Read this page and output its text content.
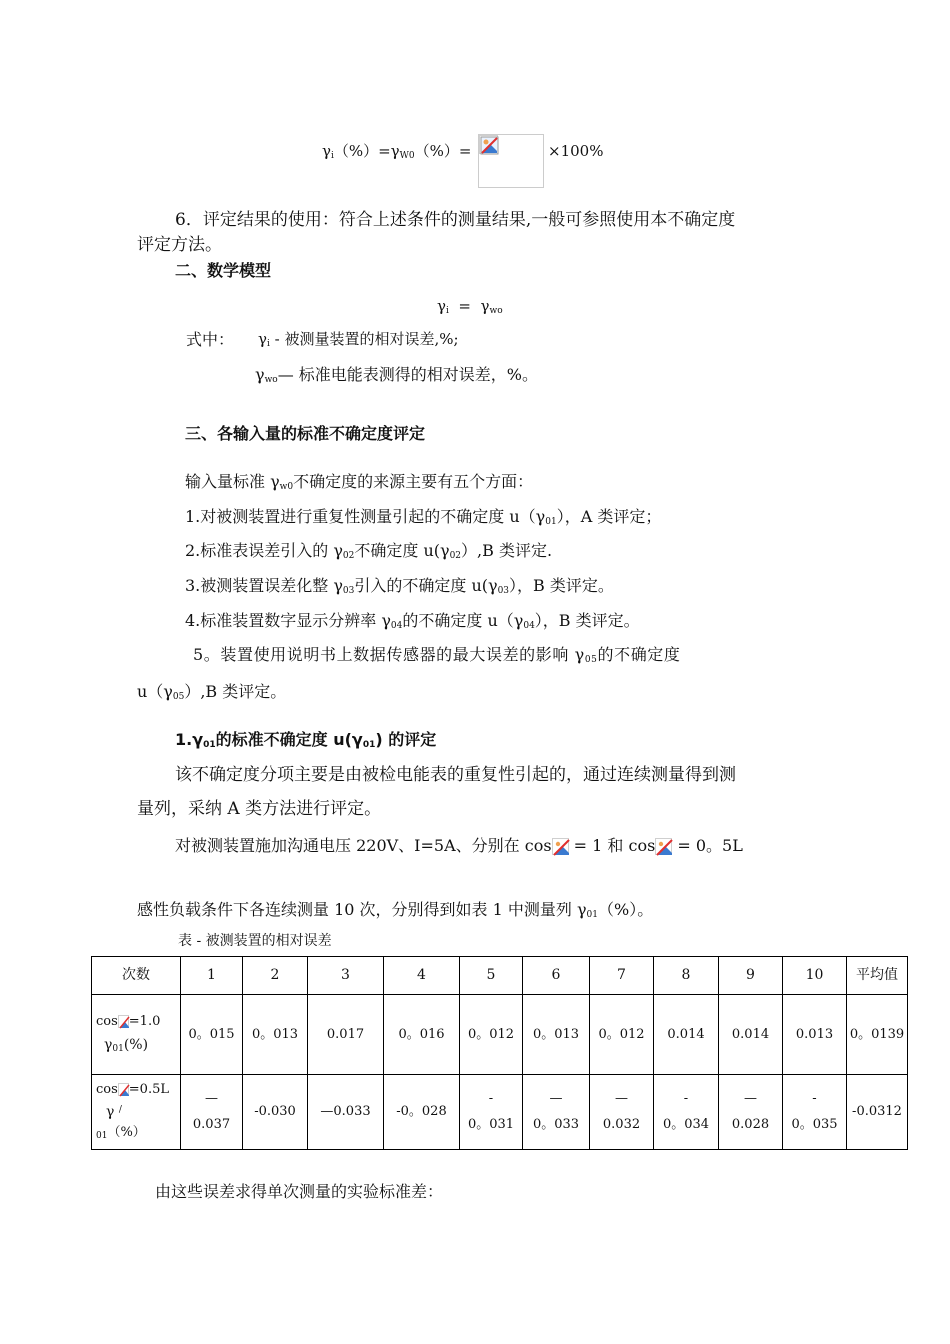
$\gamma_i(\%)=\gamma_{W0}(\%)=$	×100%
6．评定结果的使用：符合上述条件的测量结果,一般可参照使用本不确定度
评定方法。
二、数学模型
$\gamma_i = \gamma_{wo}$
式中： $\gamma_i$ - 被测量装置的相对误差,%;
$\gamma_{wo}—$ 标准电能表测得的相对误差，%。
三、各输入量的标准不确定度评定
输入量标准 $\gamma_{w0}$不确定度的来源主要有五个方面：
1.对被测装置进行重复性测量引起的不确定度 $u(\gamma_{01})$，A 类评定；
2.标准表误差引入的 $\gamma_{02}$不确定度 $u(\gamma_{02}),B$ 类评定.
3.被测装置误差化整 $\gamma_{03}$引入的不确定度 $u(\gamma_{03})$，B 类评定。
4.标准装置数字显示分辨率 $\gamma_{04}$的不确定度 $u(\gamma_{04})$，B 类评定。
5。装置使用说明书上数据传感器的最大误差的影响 $\gamma_{05}$的不确定度
$u(\gamma_{05}),B$ 类评定。
$1.\gamma_{01}$的标准不确定度 $u(\gamma_{01})$ 的评定
该不确定度分项主要是由被检电能表的重复性引起的，通过连续测量得到测
量列，采纳 A 类方法进行评定。
对被测装置施加沟通电压 220V、I=5A、分别在 cos
= 1 和 cos
= 0。5L
感性负载条件下各连续测量 10 次，分别得到如表 1 中测量列 $\gamma_{01}(\%)$。
表 - 被测装置的相对误差
次数	1	2	3	4	5	6	7	8	9	10	平均值

cos =1.0
$\gamma_{01}(\%)$	0。015	0。013	0.017	0。016	0。012	0。013	0。012	0.014	0.014	0.013	0。0139

cos =0.5L
γ /
$_{01}$（%）	—
0.037	-0.030	—0.033	-0。028	-
0。031	—
0。033	—
0.032	-
0。034	—
0.028	-
0。035	-0.0312
由这些误差求得单次测量的实验标准差：
